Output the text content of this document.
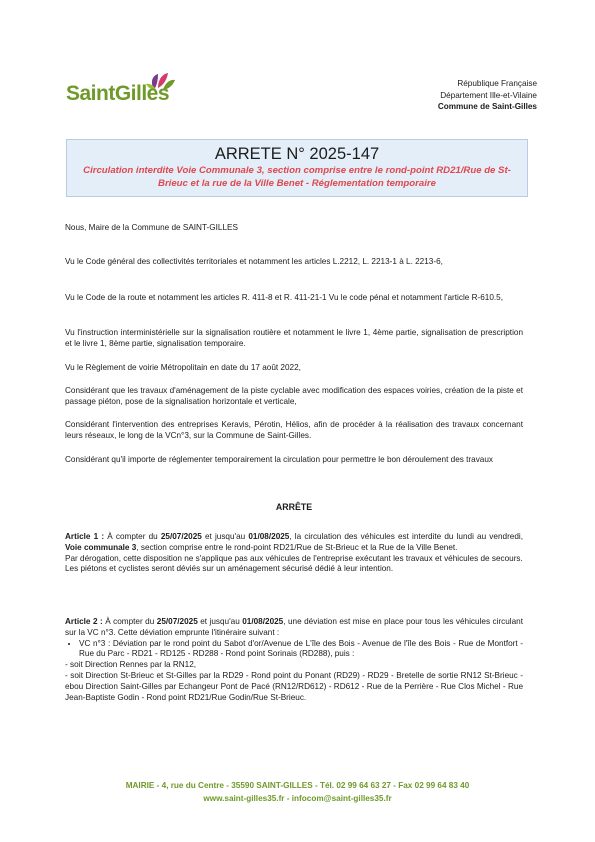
SaintGilles	République Française
Département Ille-et-Vilaine
Commune de Saint-Gilles
ARRETE N° 2025-147
Circulation interdite Voie Communale 3, section comprise entre le rond-point RD21/Rue de St-Brieuc et la rue de la Ville Benet - Réglementation temporaire
Nous, Maire de la Commune de SAINT-GILLES
Vu le Code général des collectivités territoriales et notamment les articles L.2212, L. 2213-1 à L. 2213-6,
Vu le Code de la route et notamment les articles R. 411-8 et R. 411-21-1 Vu le code pénal et notamment l'article R-610.5,
Vu l'instruction interministérielle sur la signalisation routière et notamment le livre 1, 4ème partie, signalisation de prescription et le livre 1, 8ème partie, signalisation temporaire.
Vu le Règlement de voirie Métropolitain en date du 17 août 2022,
Considérant que les travaux d'aménagement de la piste cyclable avec modification des espaces voiries, création de la piste et passage piéton, pose de la signalisation horizontale et verticale,
Considérant l'intervention des entreprises Keravis, Pérotin, Hélios, afin de procéder à la réalisation des travaux concernant leurs réseaux, le long de la VCn°3, sur la Commune de Saint-Gilles.
Considérant qu'il importe de réglementer temporairement la circulation pour permettre le bon déroulement des travaux
ARRÊTE
Article 1 : À compter du 25/07/2025 et jusqu'au 01/08/2025, la circulation des véhicules est interdite du lundi au vendredi, Voie communale 3, section comprise entre le rond-point RD21/Rue de St-Brieuc et la Rue de la Ville Benet.
Par dérogation, cette disposition ne s'applique pas aux véhicules de l'entreprise exécutant les travaux et véhicules de secours.
Les piétons et cyclistes seront déviés sur un aménagement sécurisé dédié à leur intention.
Article 2 : À compter du 25/07/2025 et jusqu'au 01/08/2025, une déviation est mise en place pour tous les véhicules circulant sur la VC n°3. Cette déviation emprunte l'itinéraire suivant :
• VC n°3 : Déviation par le rond point du Sabot d'or/Avenue de L'île des Bois - Avenue de l'île des Bois - Rue de Montfort - Rue du Parc - RD21 - RD125 - RD288 - Rond point Sorinais (RD288), puis :
- soit Direction Rennes par la RN12,
- soit Direction St-Brieuc et St-Gilles par la RD29 - Rond point du Ponant (RD29) - RD29 - Bretelle de sortie RN12 St-Brieuc - ebou Direction Saint-Gilles par Echangeur Pont de Pacé (RN12/RD612) - RD612 - Rue de la Perrière - Rue Clos Michel - Rue Jean-Baptiste Godin - Rond point RD21/Rue Godin/Rue St-Brieuc.
MAIRIE - 4, rue du Centre - 35590 SAINT-GILLES - Tél. 02 99 64 63 27 - Fax 02 99 64 83 40
www.saint-gilles35.fr - infocom@saint-gilles35.fr
